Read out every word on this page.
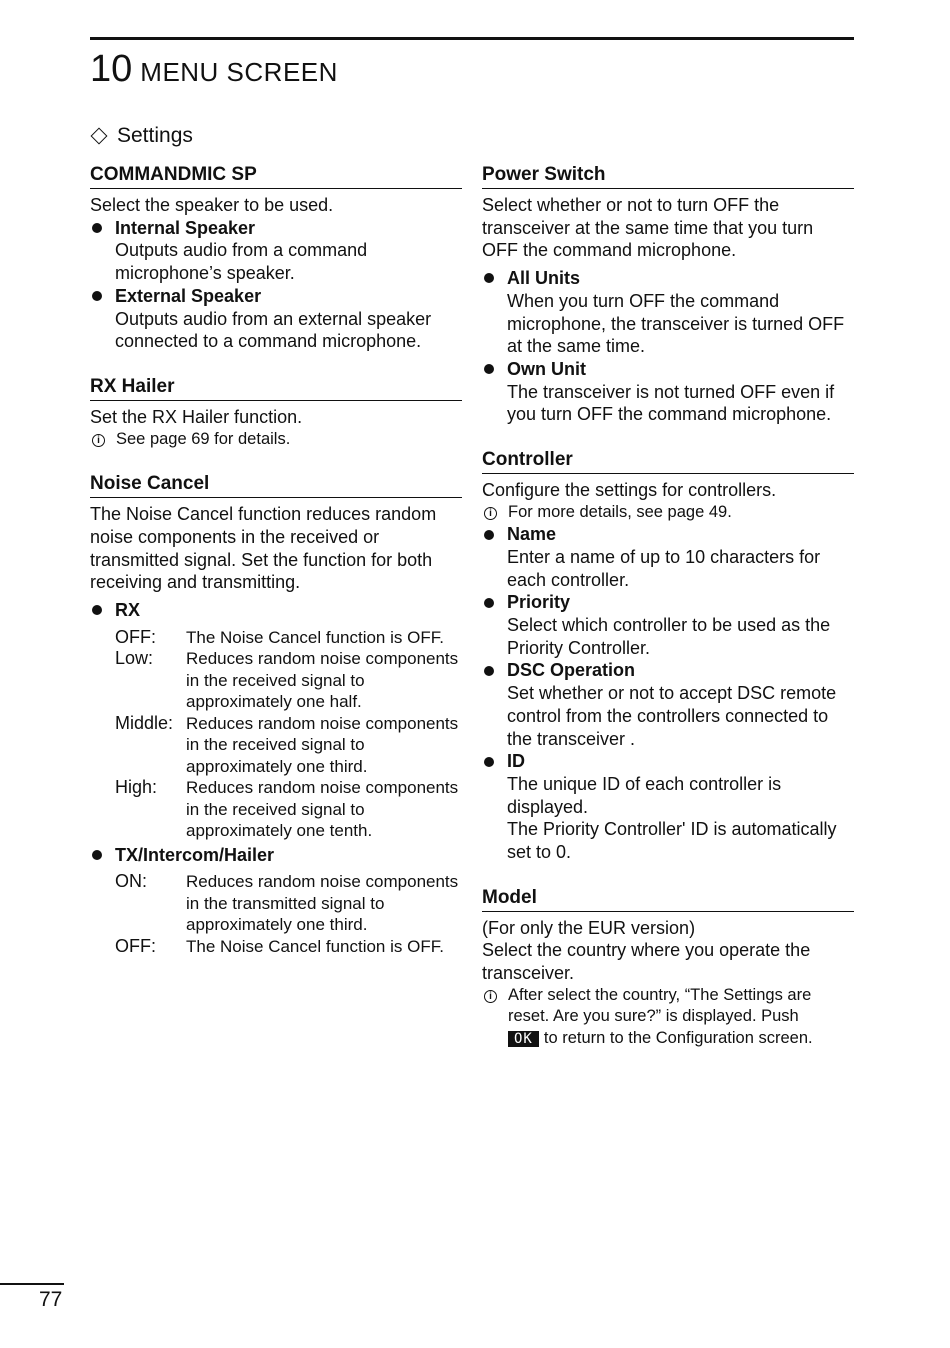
10 MENU SCREEN
Settings
COMMANDMIC SP

Select the speaker to be used.

Internal Speaker
Outputs audio from a command microphone’s speaker.
External Speaker
Outputs audio from an external speaker connected to a command microphone.
RX Hailer

Set the RX Hailer function.

i See page 69 for details.
Noise Cancel

The Noise Cancel function reduces random noise components in the received or transmitted signal. Set the function for both receiving and transmitting.

RX
OFF:	The Noise Cancel function is OFF.
Low:	Reduces random noise components in the received signal to approximately one half.
Middle: Reduces random noise components in the received signal to approximately one third.
High:	Reduces random noise components in the received signal to approximately one tenth.
TX/Intercom/Hailer
ON:	Reduces random noise components in the transmitted signal to approximately one third.
OFF:	The Noise Cancel function is OFF.
Power Switch

Select whether or not to turn OFF the transceiver at the same time that you turn OFF the command microphone.

All Units
When you turn OFF the command microphone, the transceiver is turned OFF at the same time.
Own Unit
The transceiver is not turned OFF even if you turn OFF the command microphone.
Controller

Configure the settings for controllers.

i For more details, see page 49.
Name
Enter a name of up to 10 characters for each controller.
Priority
Select which controller to be used as the Priority Controller.
DSC Operation
Set whether or not to accept DSC remote control from the controllers connected to the transceiver .
ID
The unique ID of each controller is displayed.
The Priority Controller' ID is automatically set to 0.
Model

(For only the EUR version)

Select the country where you operate the transceiver.

i After select the country, “The Settings are reset. Are you sure?” is displayed. Push
OK to return to the Configuration screen.
77
